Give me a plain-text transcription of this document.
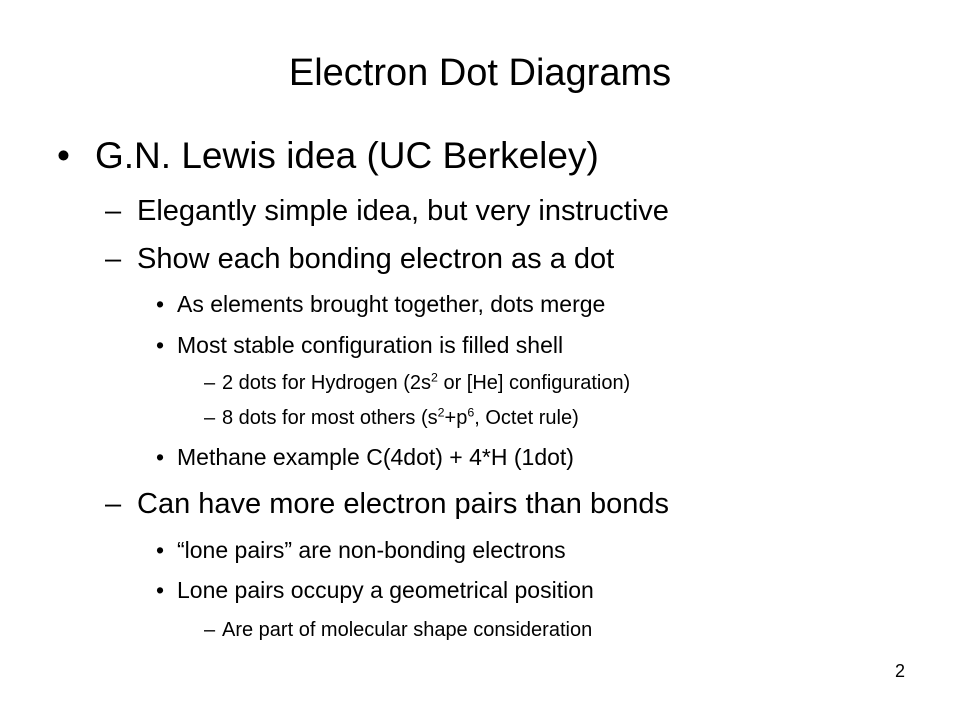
Electron Dot Diagrams
• G.N. Lewis idea (UC Berkeley)
– Elegantly simple idea, but very instructive
– Show each bonding electron as a dot
• As elements brought together, dots merge
• Most stable configuration is filled shell
– 2 dots for Hydrogen ($2s^2$ or [He] configuration)
– 8 dots for most others ($s^2+p^6$, Octet rule)
• Methane example C(4dot) + 4*H (1dot)
– Can have more electron pairs than bonds
• “lone pairs” are non-bonding electrons
• Lone pairs occupy a geometrical position
– Are part of molecular shape consideration
2
